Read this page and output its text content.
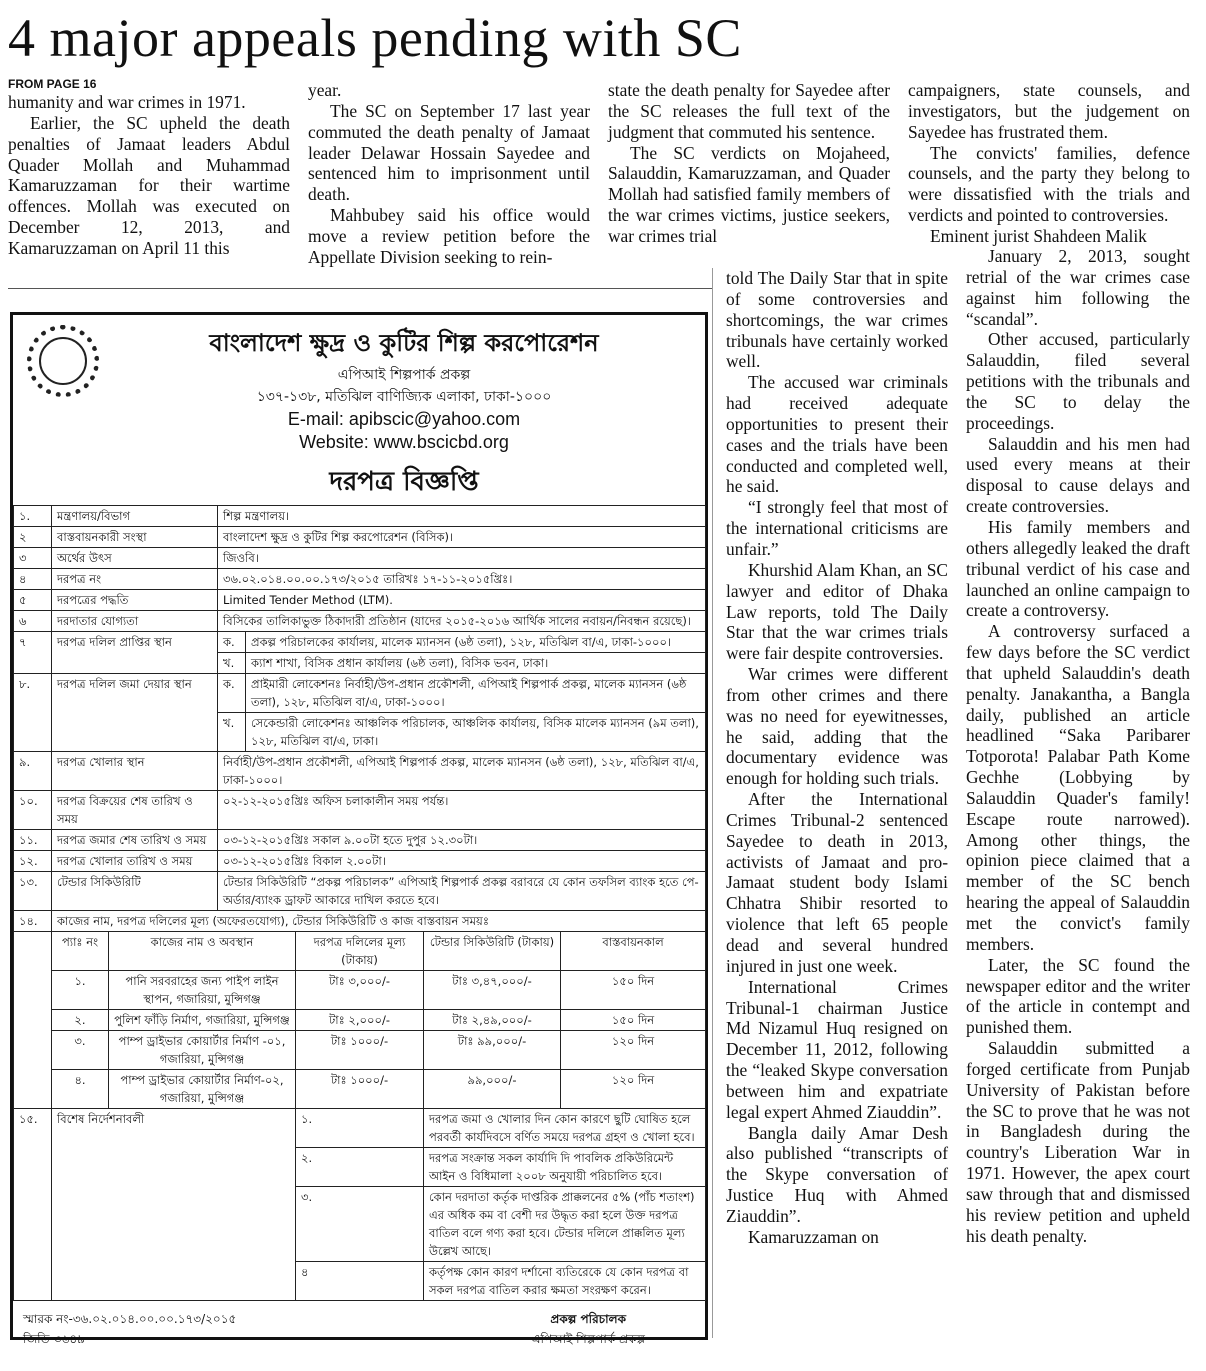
4 major appeals pending with SC

FROM PAGE 16

humanity and war crimes in 1971.

Earlier, the SC upheld the death penalties of Jamaat leaders Abdul Quader Mollah and Muhammad Kamaruzzaman for their wartime offences. Mollah was executed on December 12, 2013, and Kamaruzzaman on April 11 this

year.

The SC on September 17 last year commuted the death penalty of Jamaat leader Delawar Hossain Sayedee and sentenced him to imprisonment until death.

Mahbubey said his office would move a review petition before the Appellate Division seeking to rein-

state the death penalty for Sayedee after the SC releases the full text of the judgment that commuted his sentence.

The SC verdicts on Mojaheed, Salauddin, Kamaruzzaman, and Quader Mollah had satisfied family members of the war crimes victims, justice seekers, war crimes trial

campaigners, state counsels, and investigators, but the judgement on Sayedee has frustrated them.

The convicts' families, defence counsels, and the party they belong to were dissatisfied with the trials and verdicts and pointed to controversies.

Eminent jurist Shahdeen Malik

told The Daily Star that in spite of some controversies and shortcomings, the war crimes tribunals have certainly worked well.

The accused war criminals had received adequate opportunities to present their cases and the trials have been conducted and completed well, he said.

“I strongly feel that most of the international criticisms are unfair.”

Khurshid Alam Khan, an SC lawyer and editor of Dhaka Law reports, told The Daily Star that the war crimes trials were fair despite controversies.

War crimes were different from other crimes and there was no need for eyewitnesses, he said, adding that the documentary evidence was enough for holding such trials.

After the International Crimes Tribunal-2 sentenced Sayedee to death in 2013, activists of Jamaat and pro-Jamaat student body Islami Chhatra Shibir resorted to violence that left 65 people dead and several hundred injured in just one week.

International Crimes Tribunal-1 chairman Justice Md Nizamul Huq resigned on December 11, 2012, following the “leaked Skype conversation between him and expatriate legal expert Ahmed Ziauddin”.

Bangla daily Amar Desh also published “transcripts of the Skype conversation of Justice Huq with Ahmed Ziauddin”.

Kamaruzzaman on

January 2, 2013, sought retrial of the war crimes case against him following the “scandal”.

Other accused, particularly Salauddin, filed several petitions with the tribunals and the SC to delay the proceedings.

Salauddin and his men had used every means at their disposal to cause delays and create controversies.

His family members and others allegedly leaked the draft tribunal verdict of his case and launched an online campaign to create a controversy.

A controversy surfaced a few days before the SC verdict that upheld Salauddin's death penalty. Janakantha, a Bangla daily, published an article headlined “Saka Paribarer Totporota! Palabar Path Kome Gechhe (Lobbying by Salauddin Quader's family! Escape route narrowed). Among other things, the opinion piece claimed that a member of the SC bench hearing the appeal of Salauddin met the convict's family members.

Later, the SC found the newspaper editor and the writer of the article in contempt and punished them.

Salauddin submitted a forged certificate from Punjab University of Pakistan before the SC to prove that he was not in Bangladesh during the country's Liberation War in 1971. However, the apex court saw through that and dismissed his review petition and upheld his death penalty.

বাংলাদেশ ক্ষুদ্র ও কুটির শিল্প করপোরেশন
এপিআই শিল্পপার্ক প্রকল্প
১৩৭-১৩৮, মতিঝিল বাণিজ্যিক এলাকা, ঢাকা-১০০০
E-mail: apibscic@yahoo.com
Website: www.bscicbd.org
দরপত্র বিজ্ঞপ্তি
১.	মন্ত্রণালয়/বিভাগ		শিল্প মন্ত্রণালয়।				
২	বাস্তবায়নকারী সংস্থা		বাংলাদেশ ক্ষুদ্র ও কুটির শিল্প করপোরেশন (বিসিক)।				
৩	অর্থের উৎস		জিওবি।				
৪	দরপত্র নং		৩৬.০২.০১৪.০০.০০.১৭৩/২০১৫ তারিখঃ ১৭-১১-২০১৫খ্রিঃ।				
৫	দরপত্রের পদ্ধতি		Limited Tender Method (LTM).				
৬	দরদাতার যোগ্যতা		বিসিকের তালিকাভুক্ত ঠিকাদারী প্রতিষ্ঠান (যাদের ২০১৫-২০১৬ আর্থিক সালের নবায়ন/নিবন্ধন রয়েছে)।				
৭	দরপত্র দলিল প্রাপ্তির স্থান		ক.	প্রকল্প পরিচালকের কার্যালয়, মালেক ম্যানসন (৬ষ্ঠ তলা), ১২৮, মতিঝিল বা/এ, ঢাকা-১০০০।			
			খ.	ক্যাশ শাখা, বিসিক প্রধান কার্যালয় (৬ষ্ঠ তলা), বিসিক ভবন, ঢাকা।			
৮.	দরপত্র দলিল জমা দেয়ার স্থান		ক.	প্রাইমারী লোকেশনঃ নির্বাহী/উপ-প্রধান প্রকৌশলী, এপিআই শিল্পপার্ক প্রকল্প, মালেক ম্যানসন (৬ষ্ঠ তলা), ১২৮, মতিঝিল বা/এ, ঢাকা-১০০০।			
			খ.	সেকেন্ডারী লোকেশনঃ আঞ্চলিক পরিচালক, আঞ্চলিক কার্যালয়, বিসিক মালেক ম্যানসন (৯ম তলা), ১২৮, মতিঝিল বা/এ, ঢাকা।			
৯.	দরপত্র খোলার স্থান		নির্বাহী/উপ-প্রধান প্রকৌশলী, এপিআই শিল্পপার্ক প্রকল্প, মালেক ম্যানসন (৬ষ্ঠ তলা), ১২৮, মতিঝিল বা/এ, ঢাকা-১০০০।				
১০.	দরপত্র বিক্রয়ের শেষ তারিখ ও সময়		০২-১২-২০১৫খ্রিঃ অফিস চলাকালীন সময় পর্যন্ত।				
১১.	দরপত্র জমার শেষ তারিখ ও সময়		০৩-১২-২০১৫খ্রিঃ সকাল ৯.০০টা হতে দুপুর ১২.৩০টা।				
১২.	দরপত্র খোলার তারিখ ও সময়		০৩-১২-২০১৫খ্রিঃ বিকাল ২.০০টা।				
১৩.	টেন্ডার সিকিউরিটি		টেন্ডার সিকিউরিটি “প্রকল্প পরিচালক” এপিআই শিল্পপার্ক প্রকল্প বরাবরে যে কোন তফসিল ব্যাংক হতে পে-অর্ডার/ব্যাংক ড্রাফট আকারে দাখিল করতে হবে।				
১৪.	কাজের নাম, দরপত্র দলিলের মূল্য (অফেরতযোগ্য), টেন্ডার সিকিউরিটি ও কাজ বাস্তবায়ন সময়ঃ						
	প্যাঃ নং	কাজের নাম ও অবস্থান			দরপত্র দলিলের মূল্য (টাকায়)	টেন্ডার সিকিউরিটি (টাকায়)	বাস্তবায়নকাল
	১.	পানি সরবরাহের জন্য পাইপ লাইন স্থাপন, গজারিয়া, মুন্সিগঞ্জ			টাঃ ৩,০০০/-	টাঃ ৩,৪৭,০০০/-	১৫০ দিন
	২.	পুলিশ ফাঁড়ি নির্মাণ, গজারিয়া, মুন্সিগঞ্জ			টাঃ ২,০০০/-	টাঃ ২,৪৯,০০০/-	১৫০ দিন
	৩.	পাম্প ড্রাইভার কোয়ার্টার নির্মাণ -০১, গজারিয়া, মুন্সিগঞ্জ			টাঃ ১০০০/-	টাঃ ৯৯,০০০/-	১২০ দিন
	৪.	পাম্প ড্রাইভার কোয়ার্টার নির্মাণ-০২, গজারিয়া, মুন্সিগঞ্জ			টাঃ ১০০০/-	৯৯,০০০/-	১২০ দিন
১৫.	বিশেষ নির্দেশনাবলী				১.	দরপত্র জমা ও খোলার দিন কোন কারণে ছুটি ঘোষিত হলে পরবর্তী কার্যদিবসে বর্ণিত সময়ে দরপত্র গ্রহণ ও খোলা হবে।	
					২.	দরপত্র সংক্রান্ত সকল কার্যাদি দি পাবলিক প্রকিউরিমেন্ট আইন ও বিধিমালা ২০০৮ অনুযায়ী পরিচালিত হবে।	
					৩.	কোন দরদাতা কর্তৃক দাপ্তরিক প্রাক্কলনের ৫% (পাঁচ শতাংশ) এর অধিক কম বা বেশী দর উদ্ধৃত করা হলে উক্ত দরপত্র বাতিল বলে গণ্য করা হবে। টেন্ডার দলিলে প্রাক্কলিত মূল্য উল্লেখ আছে।	
					৪	কর্তৃপক্ষ কোন কারণ দর্শানো ব্যতিরেকে যে কোন দরপত্র বা সকল দরপত্র বাতিল করার ক্ষমতা সংরক্ষণ করেন।	
স্মারক নং-৩৬.০২.০১৪.০০.০০.১৭৩/২০১৫
জিডি-৩৬৪৯
প্রকল্প পরিচালক
এপিআই শিল্পপার্ক প্রকল্প
